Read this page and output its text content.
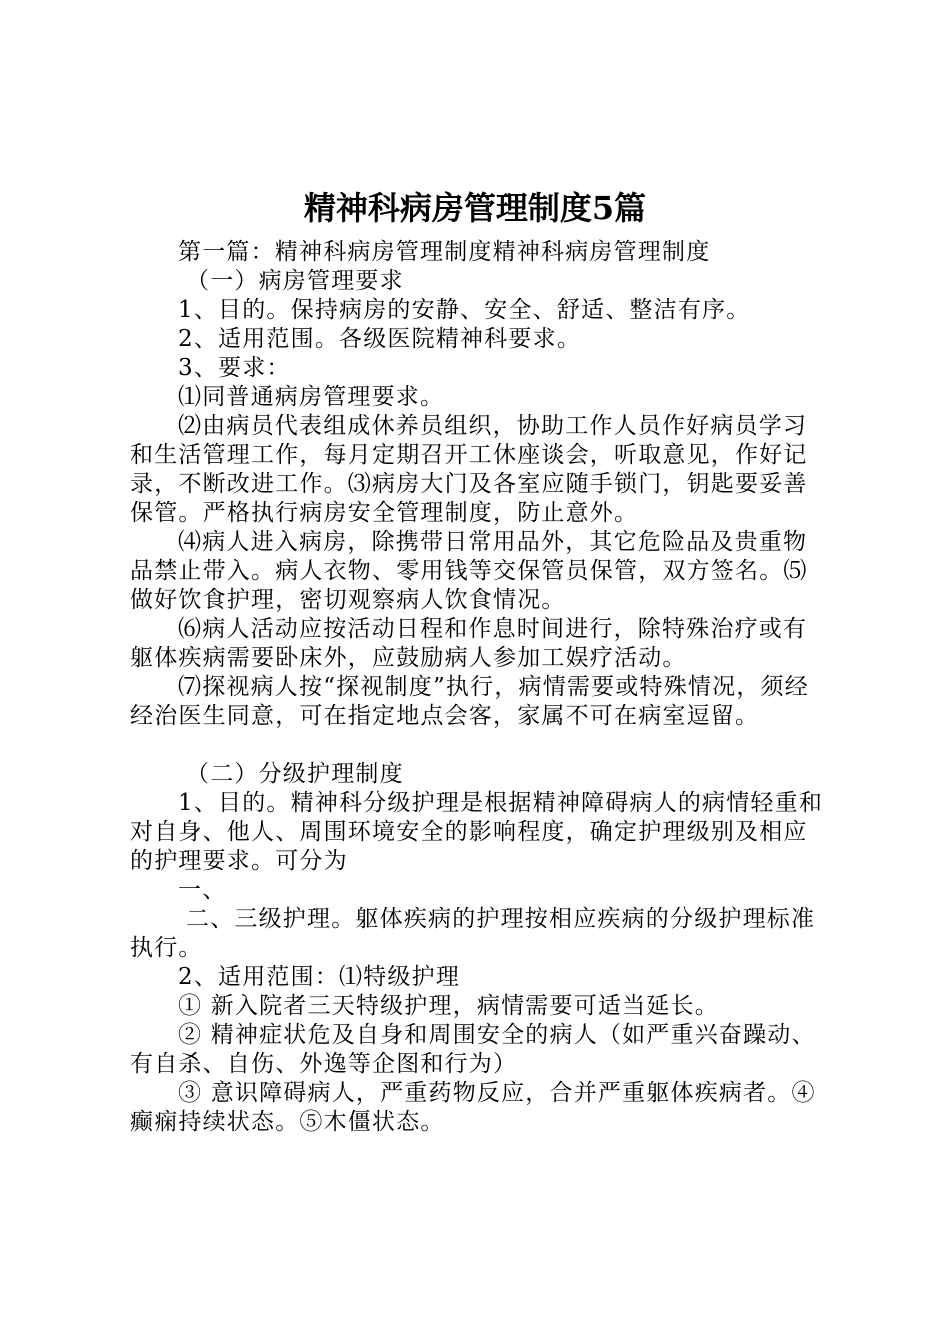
精神科病房管理制度5篇

第一篇：精神科病房管理制度精神科病房管理制度

（一）病房管理要求

1、目的。保持病房的安静、安全、舒适、整洁有序。

2、适用范围。各级医院精神科要求。

3、要求：

⑴同普通病房管理要求。

⑵由病员代表组成休养员组织，协助工作人员作好病员学习和生活管理工作，每月定期召开工休座谈会，听取意见，作好记录，不断改进工作。⑶病房大门及各室应随手锁门，钥匙要妥善保管。严格执行病房安全管理制度，防止意外。

⑷病人进入病房，除携带日常用品外，其它危险品及贵重物品禁止带入。病人衣物、零用钱等交保管员保管，双方签名。⑸做好饮食护理，密切观察病人饮食情况。

⑹病人活动应按活动日程和作息时间进行，除特殊治疗或有躯体疾病需要卧床外，应鼓励病人参加工娱疗活动。

⑺探视病人按“探视制度”执行，病情需要或特殊情况，须经经治医生同意，可在指定地点会客，家属不可在病室逗留。

（二）分级护理制度

1、目的。精神科分级护理是根据精神障碍病人的病情轻重和对自身、他人、周围环境安全的影响程度，确定护理级别及相应的护理要求。可分为

一、

二、三级护理。躯体疾病的护理按相应疾病的分级护理标准执行。

2、适用范围：⑴特级护理

① 新入院者三天特级护理，病情需要可适当延长。

② 精神症状危及自身和周围安全的病人（如严重兴奋躁动、有自杀、自伤、外逸等企图和行为）

③ 意识障碍病人，严重药物反应，合并严重躯体疾病者。④癫痫持续状态。⑤木僵状态。
